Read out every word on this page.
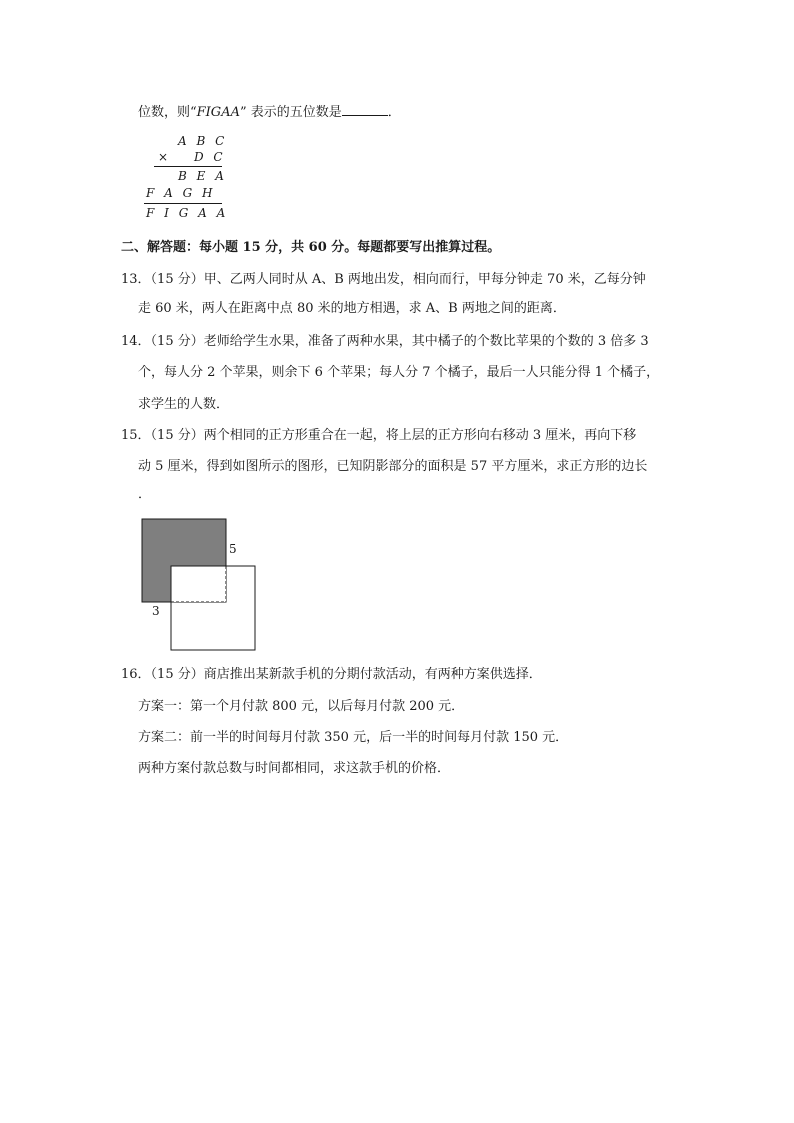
位数，则“FIGAA” 表示的五位数是	．
A B C
× D C
B E A
F A G H
F I G A A
二、解答题：每小题 15 分，共 60 分。每题都要写出推算过程。
13．（15 分）甲、乙两人同时从 A、B 两地出发，相向而行，甲每分钟走 70 米，乙每分钟
走 60 米，两人在距离中点 80 米的地方相遇，求 A、B 两地之间的距离．
14．（15 分）老师给学生水果，准备了两种水果，其中橘子的个数比苹果的个数的 3 倍多 3
个，每人分 2 个苹果，则余下 6 个苹果；每人分 7 个橘子，最后一人只能分得 1 个橘子，
求学生的人数．
15．（15 分）两个相同的正方形重合在一起，将上层的正方形向右移动 3 厘米，再向下移
动 5 厘米，得到如图所示的图形，已知阴影部分的面积是 57 平方厘米，求正方形的边长
．
5
3
16．（15 分）商店推出某新款手机的分期付款活动，有两种方案供选择．
方案一：第一个月付款 800 元，以后每月付款 200 元．
方案二：前一半的时间每月付款 350 元，后一半的时间每月付款 150 元．
两种方案付款总数与时间都相同，求这款手机的价格．
